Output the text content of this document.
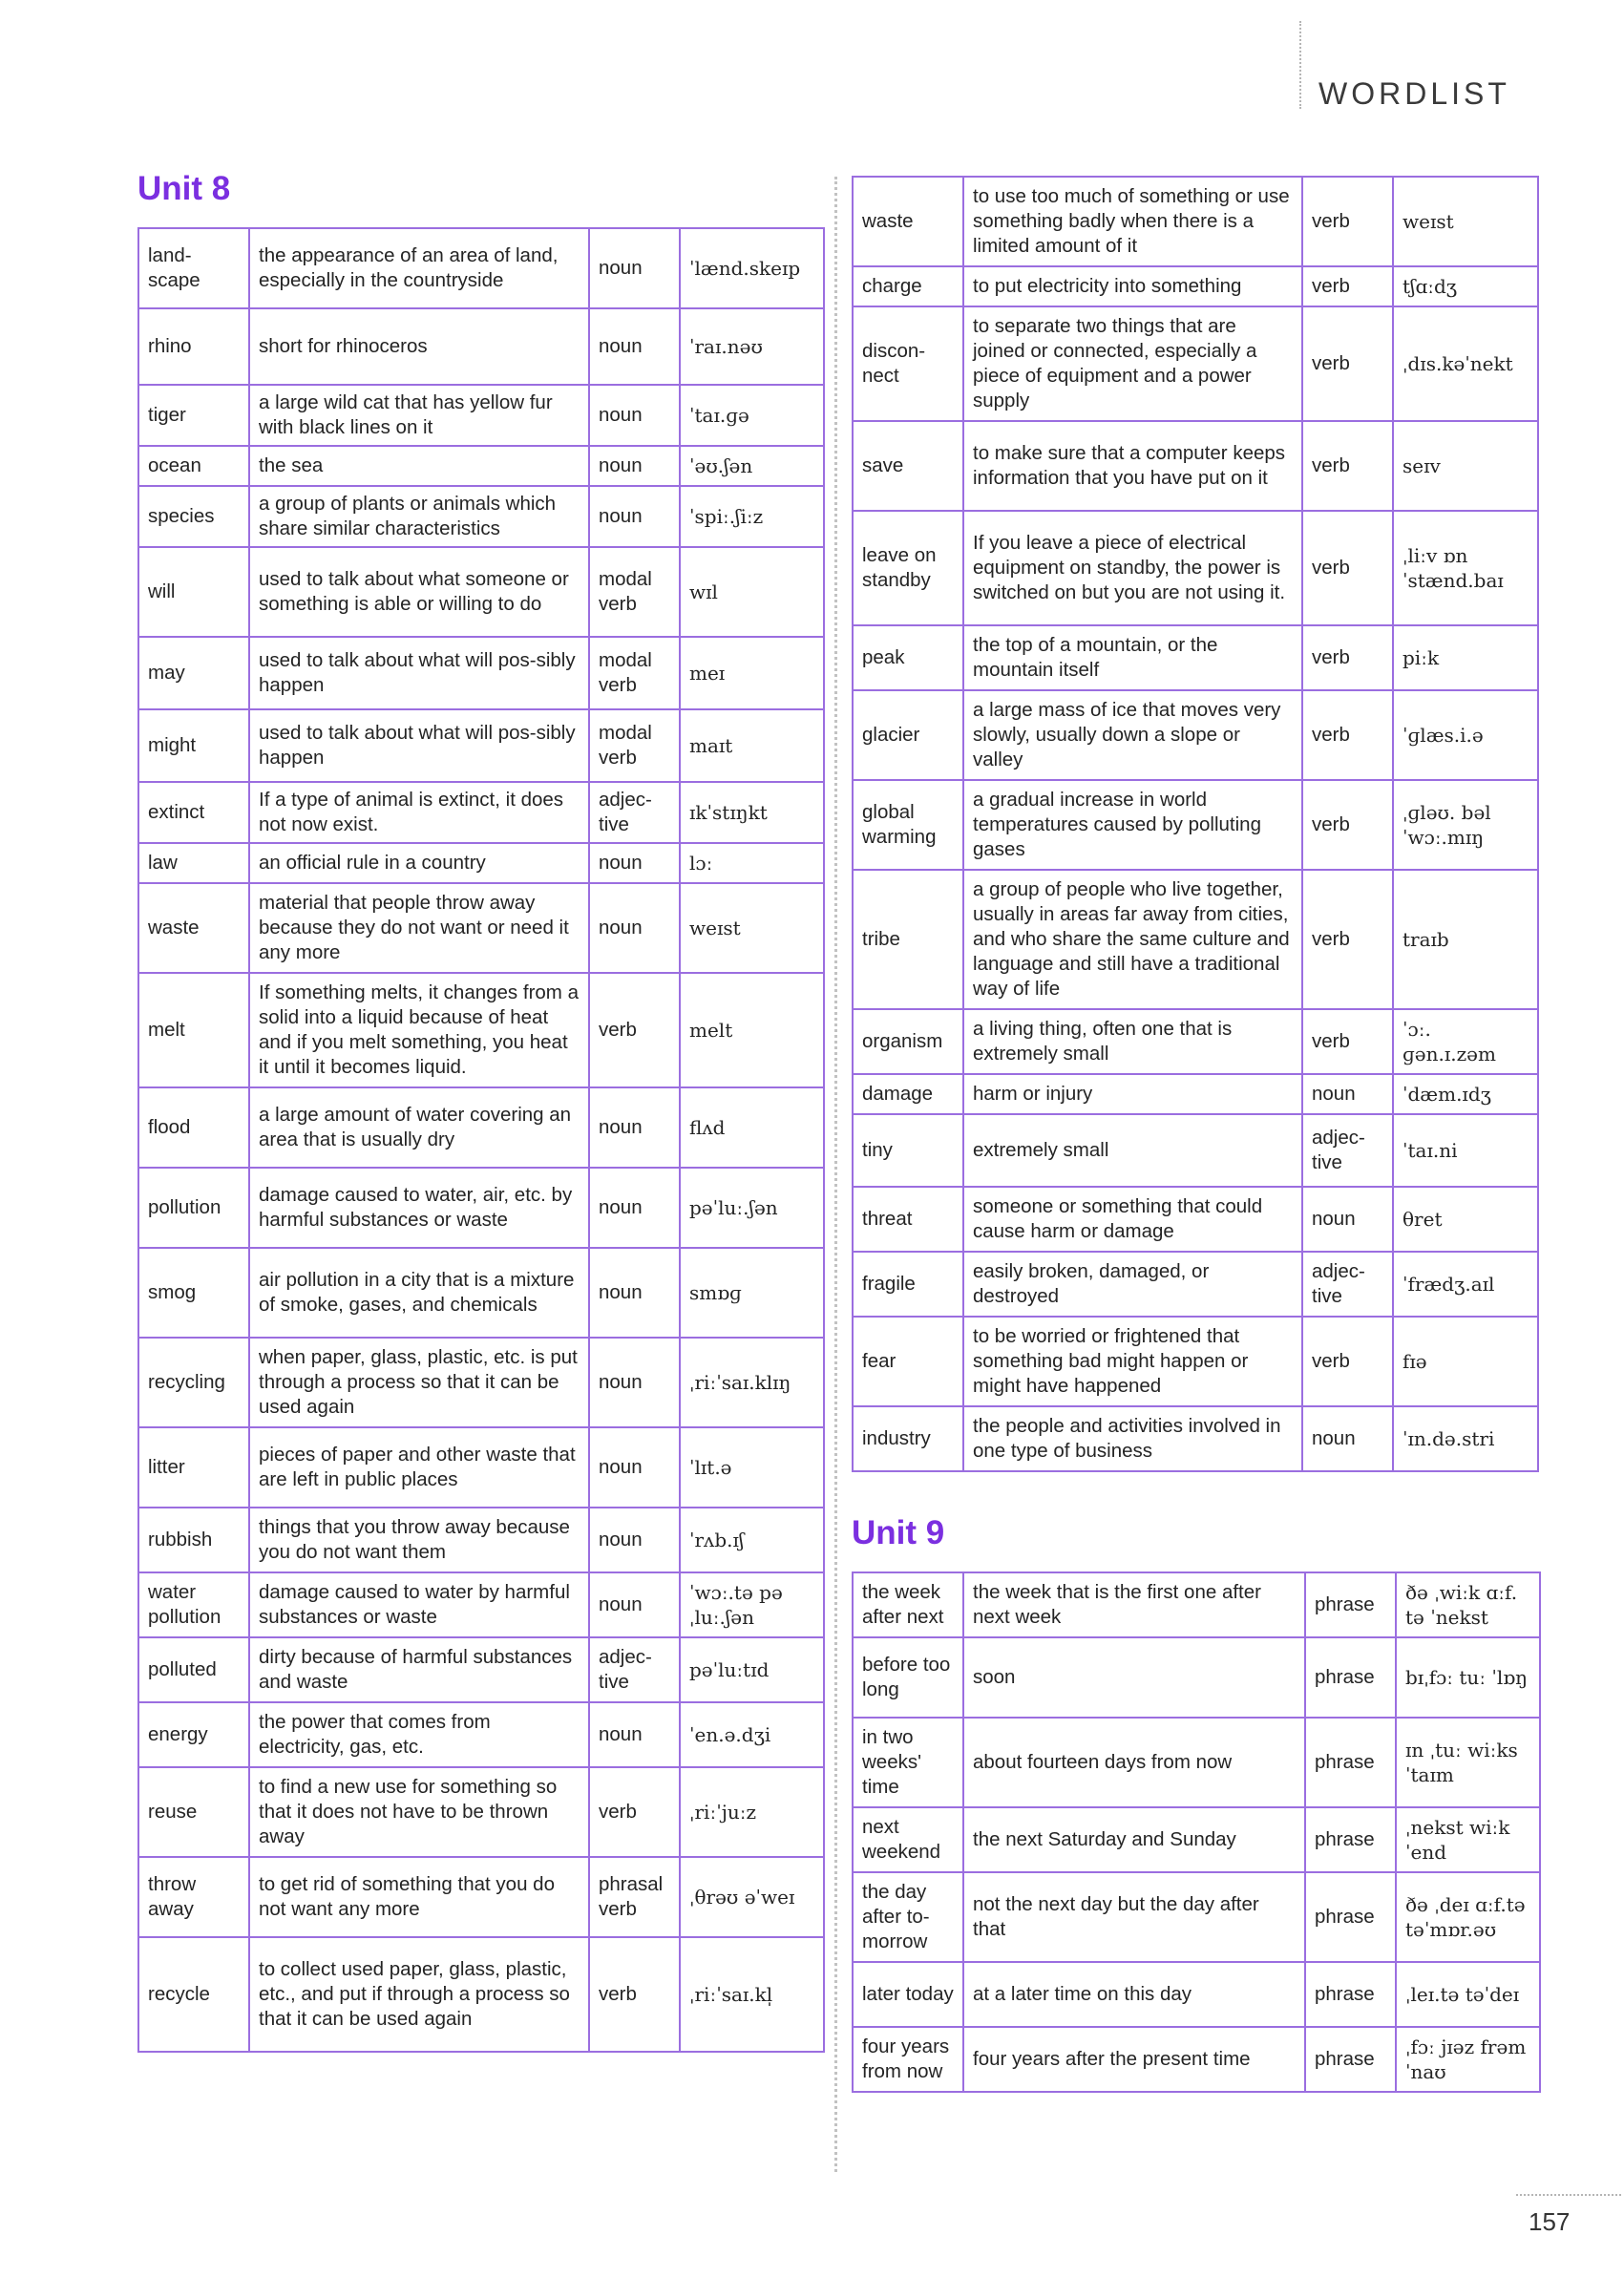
WORDLIST
Unit 8
land- scape	the appearance of an area of land, especially in the countryside	noun	ˈlænd.skeɪp
rhino	short for rhinoceros	noun	ˈraɪ.nəʊ
tiger	a large wild cat that has yellow fur with black lines on it	noun	ˈtaɪ.ɡə
ocean	the sea	noun	ˈəʊ.ʃən
species	a group of plants or animals which share similar characteristics	noun	ˈspiː.ʃiːz
will	used to talk about what someone or something is able or willing to do	modal verb	wɪl
may	used to talk about what will pos-sibly happen	modal verb	meɪ
might	used to talk about what will pos-sibly happen	modal verb	maɪt
extinct	If a type of animal is extinct, it does not now exist.	adjec-tive	ɪkˈstɪŋkt
law	an official rule in a country	noun	lɔː
waste	material that people throw away because they do not want or need it any more	noun	weɪst
melt	If something melts, it changes from a solid into a liquid because of heat and if you melt something, you heat it until it becomes liquid.	verb	melt
flood	a large amount of water covering an area that is usually dry	noun	flʌd
pollution	damage caused to water, air, etc. by harmful substances or waste	noun	pəˈluː.ʃən
smog	air pollution in a city that is a mixture of smoke, gases, and chemicals	noun	smɒɡ
recycling	when paper, glass, plastic, etc. is put through a process so that it can be used again	noun	ˌriːˈsaɪ.klɪŋ
litter	pieces of paper and other waste that are left in public places	noun	ˈlɪt.ə
rubbish	things that you throw away because you do not want them	noun	ˈrʌb.ɪʃ
water pollution	damage caused to water by harmful substances or waste	noun	ˈwɔː.tə pəˌluː.ʃən
polluted	dirty because of harmful substances and waste	adjec-tive	pəˈluːtɪd
energy	the power that comes from electricity, gas, etc.	noun	ˈen.ə.dʒi
reuse	to find a new use for something so that it does not have to be thrown away	verb	ˌriːˈjuːz
throw away	to get rid of something that you do not want any more	phrasal verb	ˌθrəʊ əˈweɪ
recycle	to collect used paper, glass, plastic, etc., and put if through a process so that it can be used again	verb	ˌriːˈsaɪ.kl̩
waste	to use too much of something or use something badly when there is a limited amount of it	verb	weɪst
charge	to put electricity into something	verb	tʃɑːdʒ
discon-nect	to separate two things that are joined or connected, especially a piece of equipment and a power supply	verb	ˌdɪs.kəˈnekt
save	to make sure that a computer keeps information that you have put on it	verb	seɪv
leave on standby	If you leave a piece of electrical equipment on standby, the power is switched on but you are not using it.	verb	ˌliːv ɒn ˈstænd.baɪ
peak	the top of a mountain, or the mountain itself	verb	piːk
glacier	a large mass of ice that moves very slowly, usually down a slope or valley	verb	ˈɡlæs.i.ə
global warming	a gradual increase in world temperatures caused by polluting gases	verb	ˌɡləʊ. bəlˈwɔː.mɪŋ
tribe	a group of people who live together, usually in areas far away from cities, and who share the same culture and language and still have a traditional way of life	verb	traɪb
organism	a living thing, often one that is extremely small	verb	ˈɔː. ɡən.ɪ.zəm
damage	harm or injury	noun	ˈdæm.ɪdʒ
tiny	extremely small	adjec-tive	ˈtaɪ.ni
threat	someone or something that could cause harm or damage	noun	θret
fragile	easily broken, damaged, or destroyed	adjec-tive	ˈfrædʒ.aɪl
fear	to be worried or frightened that something bad might happen or might have happened	verb	fɪə
industry	the people and activities involved in one type of business	noun	ˈɪn.də.stri
Unit 9
the week after next	the week that is the first one after next week	phrase	ðə ˌwiːk ɑːf. tə ˈnekst
before too long	soon	phrase	bɪˌfɔː tuː ˈlɒŋ
in two weeks' time	about fourteen days from now	phrase	ɪn ˌtuː wiːks ˈtaɪm
next weekend	the next Saturday and Sunday	phrase	ˌnekst wiːkˈend
the day after to-morrow	not the next day but the day after that	phrase	ðə ˌdeɪ ɑːf.tə təˈmɒr.əʊ
later today	at a later time on this day	phrase	ˌleɪ.tə təˈdeɪ
four years from now	four years after the present time	phrase	ˌfɔː jɪəz frəm ˈnaʊ
157
